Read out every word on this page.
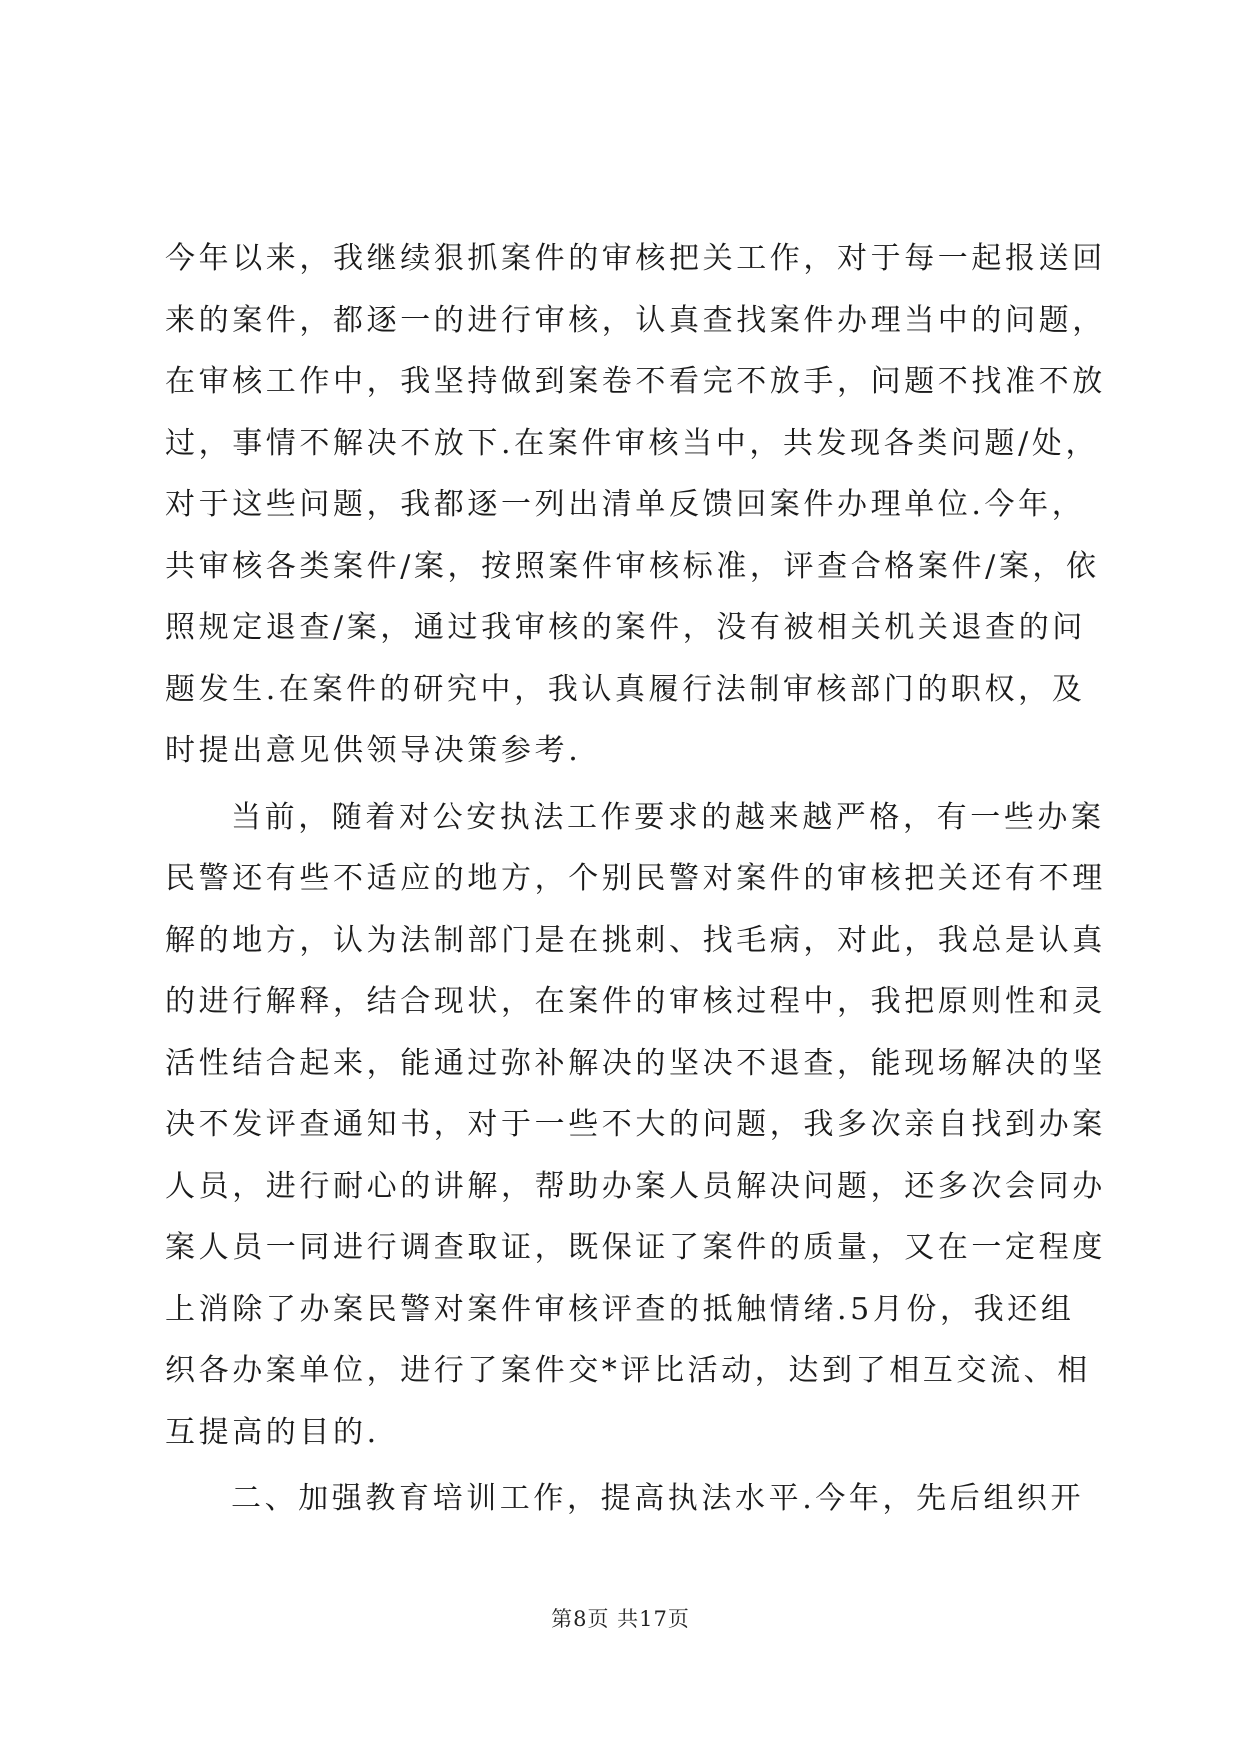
今年以来，我继续狠抓案件的审核把关工作，对于每一起报送回
来的案件，都逐一的进行审核，认真查找案件办理当中的问题，
在审核工作中，我坚持做到案卷不看完不放手，问题不找准不放
过，事情不解决不放下.在案件审核当中，共发现各类问题/处，
对于这些问题，我都逐一列出清单反馈回案件办理单位.今年，
共审核各类案件/案，按照案件审核标准，评查合格案件/案，依
照规定退查/案，通过我审核的案件，没有被相关机关退查的问
题发生.在案件的研究中，我认真履行法制审核部门的职权，及
时提出意见供领导决策参考.
当前，随着对公安执法工作要求的越来越严格，有一些办案
民警还有些不适应的地方，个别民警对案件的审核把关还有不理
解的地方，认为法制部门是在挑刺、找毛病，对此，我总是认真
的进行解释，结合现状，在案件的审核过程中，我把原则性和灵
活性结合起来，能通过弥补解决的坚决不退查，能现场解决的坚
决不发评查通知书，对于一些不大的问题，我多次亲自找到办案
人员，进行耐心的讲解，帮助办案人员解决问题，还多次会同办
案人员一同进行调查取证，既保证了案件的质量，又在一定程度
上消除了办案民警对案件审核评查的抵触情绪.5月份，我还组
织各办案单位，进行了案件交*评比活动，达到了相互交流、相
互提高的目的.
二、加强教育培训工作，提高执法水平.今年，先后组织开
第8页 共17页
